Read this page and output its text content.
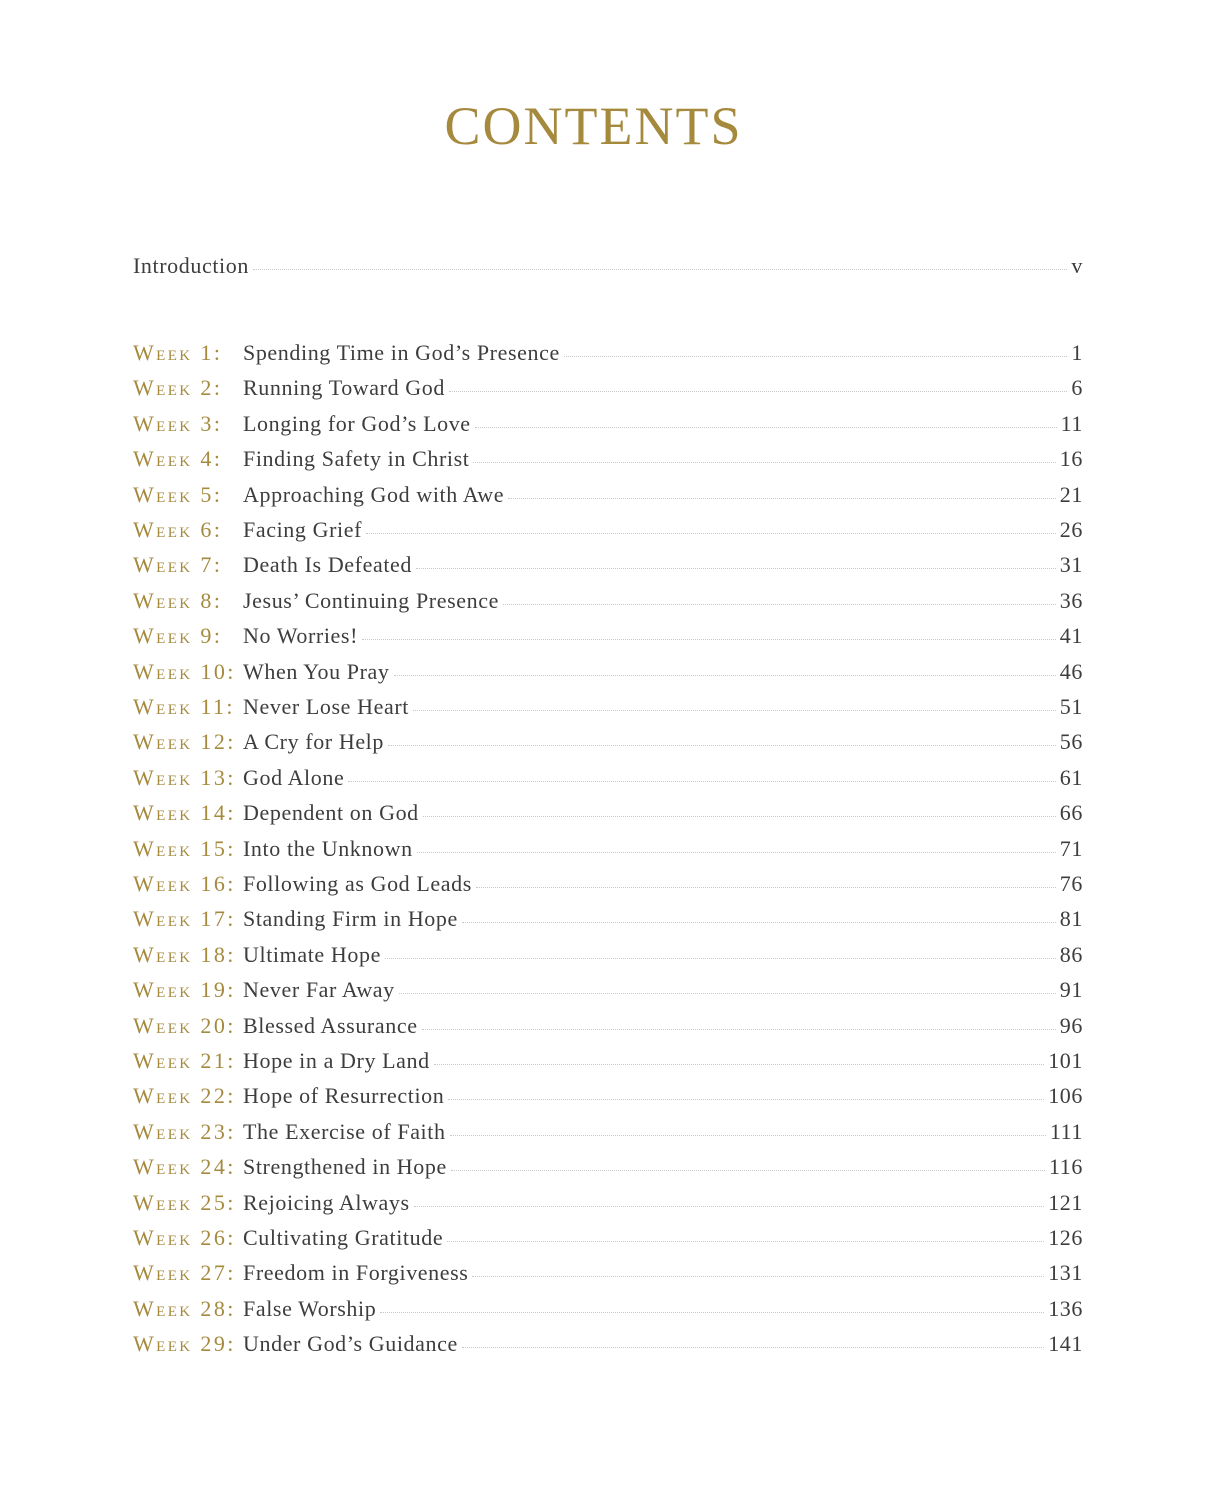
CONTENTS
Introduction	v
Week 1: Spending Time in God’s Presence	1
Week 2: Running Toward God	6
Week 3: Longing for God’s Love	11
Week 4: Finding Safety in Christ	16
Week 5: Approaching God with Awe	21
Week 6: Facing Grief	26
Week 7: Death Is Defeated	31
Week 8: Jesus’ Continuing Presence	36
Week 9: No Worries!	41
Week 10: When You Pray	46
Week 11: Never Lose Heart	51
Week 12: A Cry for Help	56
Week 13: God Alone	61
Week 14: Dependent on God	66
Week 15: Into the Unknown	71
Week 16: Following as God Leads	76
Week 17: Standing Firm in Hope	81
Week 18: Ultimate Hope	86
Week 19: Never Far Away	91
Week 20: Blessed Assurance	96
Week 21: Hope in a Dry Land	101
Week 22: Hope of Resurrection	106
Week 23: The Exercise of Faith	111
Week 24: Strengthened in Hope	116
Week 25: Rejoicing Always	121
Week 26: Cultivating Gratitude	126
Week 27: Freedom in Forgiveness	131
Week 28: False Worship	136
Week 29: Under God’s Guidance	141
